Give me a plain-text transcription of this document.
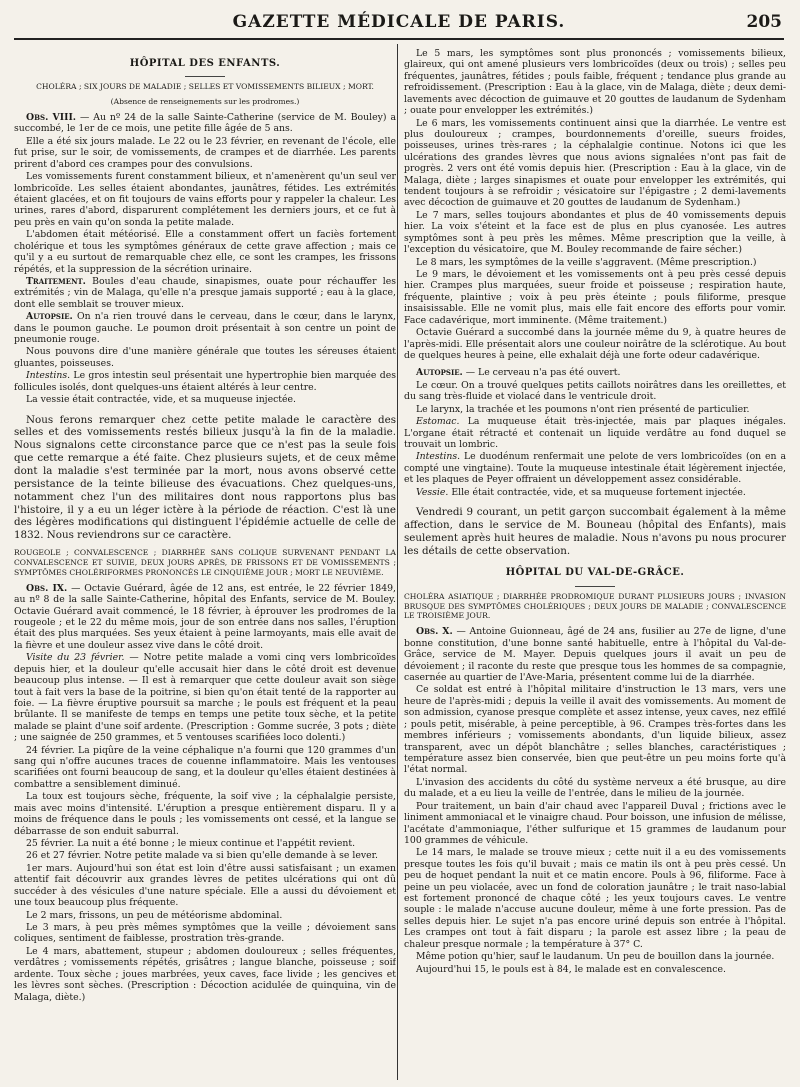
GAZETTE MÉDICALE DE PARIS.	205
HÔPITAL DES ENFANTS.
CHOLÉRA ; SIX JOURS DE MALADIE ; SELLES ET VOMISSEMENTS BILIEUX ; MORT.
(Absence de renseignements sur les prodromes.)

Obs. VIII. — Au nº 24 de la salle Sainte-Catherine (service de M. Bouley) a succombé, le 1er de ce mois, une petite fille âgée de 5 ans.

Elle a été six jours malade. Le 22 ou le 23 février, en revenant de l'école, elle fut prise, sur le soir, de vomissements, de crampes et de diarrhée. Les parents prirent d'abord ces crampes pour des convulsions.

Les vomissements furent constamment bilieux, et n'amenèrent qu'un seul ver lombricoïde. Les selles étaient abondantes, jaunâtres, fétides. Les extrémités étaient glacées, et on fit toujours de vains efforts pour y rappeler la chaleur. Les urines, rares d'abord, disparurent complétement les derniers jours, et ce fut à peu près en vain qu'on sonda la petite malade.

L'abdomen était météorisé. Elle a constamment offert un faciès fortement cholérique et tous les symptômes généraux de cette grave affection ; mais ce qu'il y a eu surtout de remarquable chez elle, ce sont les crampes, les frissons répétés, et la suppression de la sécrétion urinaire.

Traitement. Boules d'eau chaude, sinapismes, ouate pour réchauffer les extrémités ; vin de Malaga, qu'elle n'a presque jamais supporté ; eau à la glace, dont elle semblait se trouver mieux.

Autopsie. On n'a rien trouvé dans le cerveau, dans le cœur, dans le larynx, dans le poumon gauche. Le poumon droit présentait à son centre un point de pneumonie rouge.

Nous pouvons dire d'une manière générale que toutes les séreuses étaient gluantes, poisseuses.

Intestins. Le gros intestin seul présentait une hypertrophie bien marquée des follicules isolés, dont quelques-uns étaient altérés à leur centre.

La vessie était contractée, vide, et sa muqueuse injectée.

Nous ferons remarquer chez cette petite malade le caractère des selles et des vomissements restés bilieux jusqu'à la fin de la maladie. Nous signalons cette circonstance parce que ce n'est pas la seule fois que cette remarque a été faite. Chez plusieurs sujets, et de ceux même dont la maladie s'est terminée par la mort, nous avons observé cette persistance de la teinte bilieuse des évacuations. Chez quelques-uns, notamment chez l'un des militaires dont nous rapportons plus bas l'histoire, il y a eu un léger ictère à la période de réaction. C'est là une des légères modifications qui distinguent l'épidémie actuelle de celle de 1832. Nous reviendrons sur ce caractère.

ROUGEOLE ; CONVALESCENCE ; DIARRHÉE SANS COLIQUE SURVENANT PENDANT LA CONVALESCENCE ET SUIVIE, DEUX JOURS APRÈS, DE FRISSONS ET DE VOMISSEMENTS ; SYMPTÔMES CHOLÉRIFORMES PRONONCÉS LE CINQUIÈME JOUR ; MORT LE NEUVIÈME.

Obs. IX. — Octavie Guérard, âgée de 12 ans, est entrée, le 22 février 1849, au nº 8 de la salle Sainte-Catherine, hôpital des Enfants, service de M. Bouley. Octavie Guérard avait commencé, le 18 février, à éprouver les prodromes de la rougeole ; et le 22 du même mois, jour de son entrée dans nos salles, l'éruption était des plus marquées. Ses yeux étaient à peine larmoyants, mais elle avait de la fièvre et une douleur assez vive dans le côté droit.

Visite du 23 février. — Notre petite malade a vomi cinq vers lombricoïdes depuis hier, et la douleur qu'elle accusait hier dans le côté droit est devenue beaucoup plus intense. — Il est à remarquer que cette douleur avait son siège tout à fait vers la base de la poitrine, si bien qu'on était tenté de la rapporter au foie. — La fièvre éruptive poursuit sa marche ; le pouls est fréquent et la peau brûlante. Il se manifeste de temps en temps une petite toux sèche, et la petite malade se plaint d'une soif ardente. (Prescription : Gomme sucrée, 3 pots ; diète ; une saignée de 250 grammes, et 5 ventouses scarifiées loco dolenti.)

24 février. La piqûre de la veine céphalique n'a fourni que 120 grammes d'un sang qui n'offre aucunes traces de couenne inflammatoire. Mais les ventouses scarifiées ont fourni beaucoup de sang, et la douleur qu'elles étaient destinées à combattre a sensiblement diminué.

La toux est toujours sèche, fréquente, la soif vive ; la céphalalgie persiste, mais avec moins d'intensité. L'éruption a presque entièrement disparu. Il y a moins de fréquence dans le pouls ; les vomissements ont cessé, et la langue se débarrasse de son enduit saburral.

25 février. La nuit a été bonne ; le mieux continue et l'appétit revient.

26 et 27 février. Notre petite malade va si bien qu'elle demande à se lever.

1er mars. Aujourd'hui son état est loin d'être aussi satisfaisant ; un examen attentif fait découvrir aux grandes lèvres de petites ulcérations qui ont dû succéder à des vésicules d'une nature spéciale. Elle a aussi du dévoiement et une toux beaucoup plus fréquente.

Le 2 mars, frissons, un peu de météorisme abdominal.

Le 3 mars, à peu près mêmes symptômes que la veille ; dévoiement sans coliques, sentiment de faiblesse, prostration très-grande.

Le 4 mars, abattement, stupeur ; abdomen douloureux ; selles fréquentes, verdâtres ; vomissements répétés, grisâtres ; langue blanche, poisseuse ; soif ardente. Toux sèche ; joues marbrées, yeux caves, face livide ; les gencives et les lèvres sont sèches. (Prescription : Décoction acidulée de quinquina, vin de Malaga, diète.)

Le 5 mars, les symptômes sont plus prononcés ; vomissements bilieux, glaireux, qui ont amené plusieurs vers lombricoïdes (deux ou trois) ; selles peu fréquentes, jaunâtres, fétides ; pouls faible, fréquent ; tendance plus grande au refroidissement. (Prescription : Eau à la glace, vin de Malaga, diète ; deux demi-lavements avec décoction de guimauve et 20 gouttes de laudanum de Sydenham ; ouate pour envelopper les extrémités.)

Le 6 mars, les vomissements continuent ainsi que la diarrhée. Le ventre est plus douloureux ; crampes, bourdonnements d'oreille, sueurs froides, poisseuses, urines très-rares ; la céphalalgie continue. Notons ici que les ulcérations des grandes lèvres que nous avions signalées n'ont pas fait de progrès. 2 vers ont été vomis depuis hier. (Prescription : Eau à la glace, vin de Malaga, diète ; larges sinapismes et ouate pour envelopper les extrémités, qui tendent toujours à se refroidir ; vésicatoire sur l'épigastre ; 2 demi-lavements avec décoction de guimauve et 20 gouttes de laudanum de Sydenham.)

Le 7 mars, selles toujours abondantes et plus de 40 vomissements depuis hier. La voix s'éteint et la face est de plus en plus cyanosée. Les autres symptômes sont à peu près les mêmes. Même prescription que la veille, à l'exception du vésicatoire, que M. Bouley recommande de faire sécher.)

Le 8 mars, les symptômes de la veille s'aggravent. (Même prescription.)

Le 9 mars, le dévoiement et les vomissements ont à peu près cessé depuis hier. Crampes plus marquées, sueur froide et poisseuse ; respiration haute, fréquente, plaintive ; voix à peu près éteinte ; pouls filiforme, presque insaisissable. Elle ne vomit plus, mais elle fait encore des efforts pour vomir. Face cadavérique, mort imminente. (Même traitement.)

Octavie Guérard a succombé dans la journée même du 9, à quatre heures de l'après-midi. Elle présentait alors une couleur noirâtre de la sclérotique. Au bout de quelques heures à peine, elle exhalait déjà une forte odeur cadavérique.

Autopsie. — Le cerveau n'a pas été ouvert.

Le cœur. On a trouvé quelques petits caillots noirâtres dans les oreillettes, et du sang très-fluide et violacé dans le ventricule droit.

Le larynx, la trachée et les poumons n'ont rien présenté de particulier.

Estomac. La muqueuse était très-injectée, mais par plaques inégales. L'organe était rétracté et contenait un liquide verdâtre au fond duquel se trouvait un lombric.

Intestins. Le duodénum renfermait une pelote de vers lombricoïdes (on en a compté une vingtaine). Toute la muqueuse intestinale était légèrement injectée, et les plaques de Peyer offraient un développement assez considérable.

Vessie. Elle était contractée, vide, et sa muqueuse fortement injectée.

Vendredi 9 courant, un petit garçon succombait également à la même affection, dans le service de M. Bouneau (hôpital des Enfants), mais seulement après huit heures de maladie. Nous n'avons pu nous procurer les détails de cette observation.

HÔPITAL DU VAL-DE-GRÂCE.
CHOLÉRA ASIATIQUE ; DIARRHÉE PRODROMIQUE DURANT PLUSIEURS JOURS ; INVASION BRUSQUE DES SYMPTÔMES CHOLÉRIQUES ; DEUX JOURS DE MALADIE ; CONVALESCENCE LE TROISIÈME JOUR.

Obs. X. — Antoine Guionneau, âgé de 24 ans, fusilier au 27e de ligne, d'une bonne constitution, d'une bonne santé habituelle, entre à l'hôpital du Val-de-Grâce, service de M. Mayer. Depuis quelques jours il avait un peu de dévoiement ; il raconte du reste que presque tous les hommes de sa compagnie, casernée au quartier de l'Ave-Maria, présentent comme lui de la diarrhée.

Ce soldat est entré à l'hôpital militaire d'instruction le 13 mars, vers une heure de l'après-midi ; depuis la veille il avait des vomissements. Au moment de son admission, cyanose presque complète et assez intense, yeux caves, nez effilé ; pouls petit, misérable, à peine perceptible, à 96. Crampes très-fortes dans les membres inférieurs ; vomissements abondants, d'un liquide bilieux, assez transparent, avec un dépôt blanchâtre ; selles blanches, caractéristiques ; température assez bien conservée, bien que peut-être un peu moins forte qu'à l'état normal.

L'invasion des accidents du côté du système nerveux a été brusque, au dire du malade, et a eu lieu la veille de l'entrée, dans le milieu de la journée.

Pour traitement, un bain d'air chaud avec l'appareil Duval ; frictions avec le liniment ammoniacal et le vinaigre chaud. Pour boisson, une infusion de mélisse, l'acétate d'ammoniaque, l'éther sulfurique et 15 grammes de laudanum pour 100 grammes de véhicule.

Le 14 mars, le malade se trouve mieux ; cette nuit il a eu des vomissements presque toutes les fois qu'il buvait ; mais ce matin ils ont à peu près cessé. Un peu de hoquet pendant la nuit et ce matin encore. Pouls à 96, filiforme. Face à peine un peu violacée, avec un fond de coloration jaunâtre ; le trait naso-labial est fortement prononcé de chaque côté ; les yeux toujours caves. Le ventre souple : le malade n'accuse aucune douleur, même à une forte pression. Pas de selles depuis hier. Le sujet n'a pas encore uriné depuis son entrée à l'hôpital. Les crampes ont tout à fait disparu ; la parole est assez libre ; la peau de chaleur presque normale ; la température à 37° C.

Même potion qu'hier, sauf le laudanum. Un peu de bouillon dans la journée.

Aujourd'hui 15, le pouls est à 84, le malade est en convalescence.
